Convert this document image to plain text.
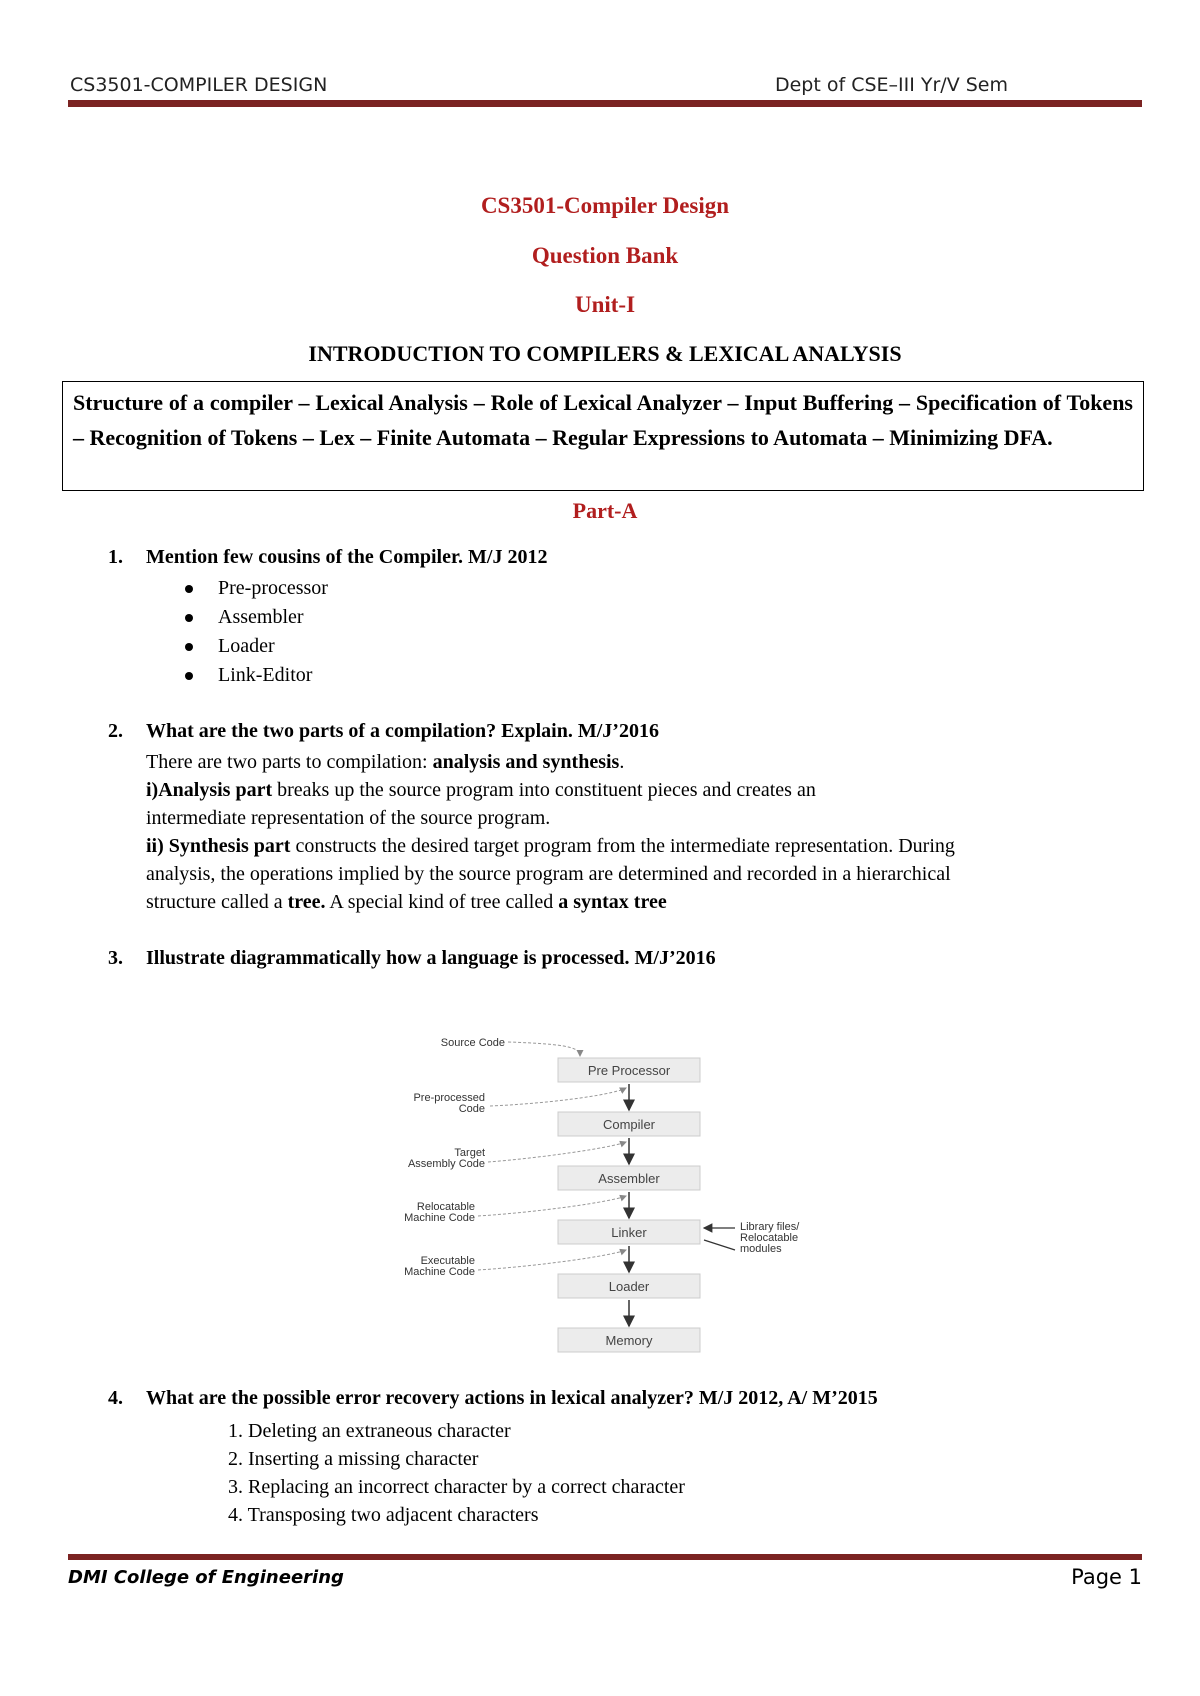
CS3501-COMPILER DESIGN	Dept of CSE–III Yr/V Sem
CS3501-Compiler Design
Question Bank
Unit-I
INTRODUCTION TO COMPILERS & LEXICAL ANALYSIS
Structure of a compiler – Lexical Analysis – Role of Lexical Analyzer – Input Buffering – Specification of Tokens – Recognition of Tokens – Lex – Finite Automata – Regular Expressions to Automata – Minimizing DFA.
Part-A
1. Mention few cousins of the Compiler. M/J 2012
Pre-processor
Assembler
Loader
Link-Editor
2. What are the two parts of a compilation? Explain. M/J’2016
There are two parts to compilation: analysis and synthesis.
i)Analysis part breaks up the source program into constituent pieces and creates an
intermediate representation of the source program.
ii) Synthesis part constructs the desired target program from the intermediate representation. During
analysis, the operations implied by the source program are determined and recorded in a hierarchical
structure called a tree. A special kind of tree called a syntax tree
3. Illustrate diagrammatically how a language is processed. M/J’2016
Pre Processor
Compiler
Assembler
Linker
Loader
Memory
Source Code
Pre-processed
Code
Target
Assembly Code
Relocatable
Machine Code
Executable
Machine Code
Library files/
Relocatable
modules
4. What are the possible error recovery actions in lexical analyzer? M/J 2012, A/ M’2015
1. Deleting an extraneous character
2. Inserting a missing character
3. Replacing an incorrect character by a correct character
4. Transposing two adjacent characters
DMI College of Engineering	Page 1
